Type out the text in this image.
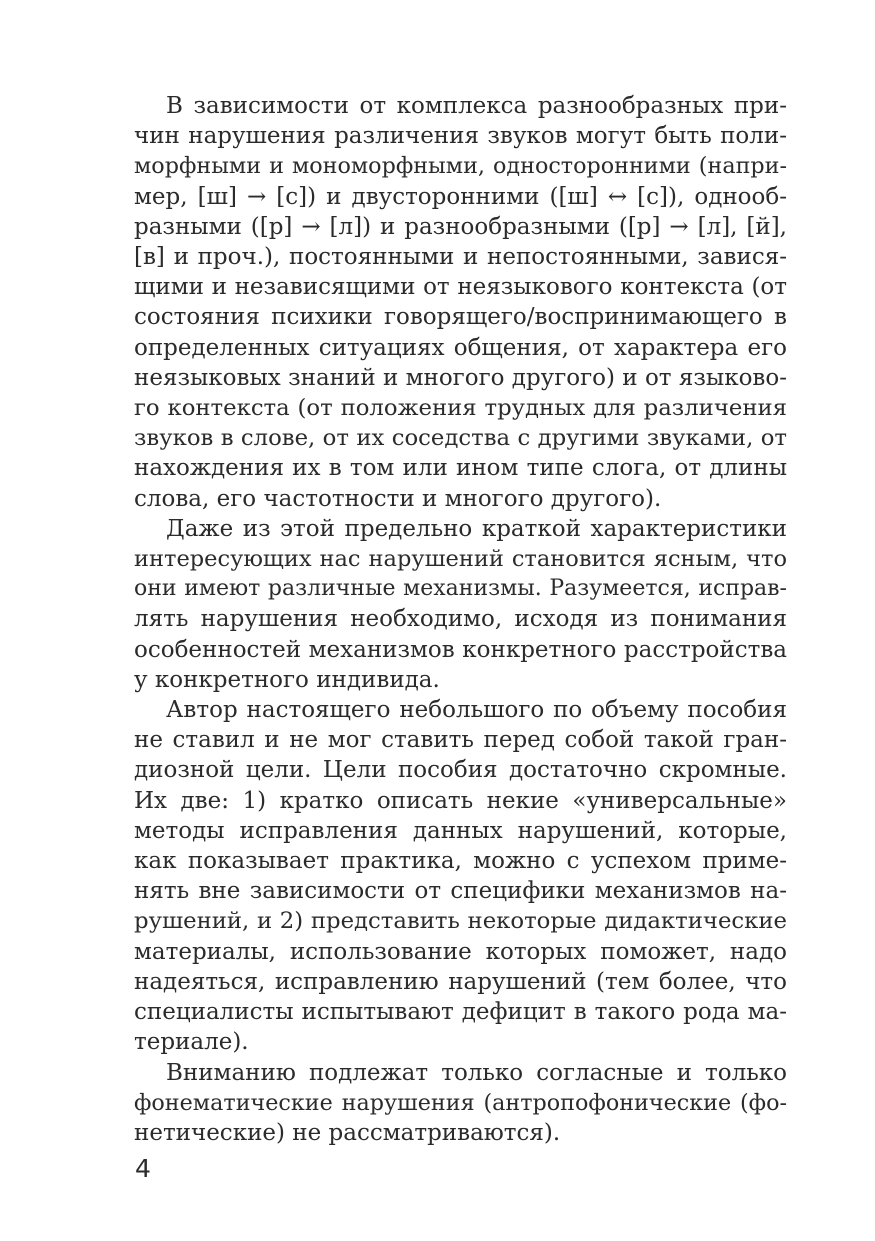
В зависимости от комплекса разнообразных при-
чин нарушения различения звуков могут быть поли-
морфными и мономорфными, односторонними (напри-
мер, [ш] → [с]) и двусторонними ([ш] ↔ [с]), однооб-
разными ([р] → [л]) и разнообразными ([р] → [л], [й],
[в] и проч.), постоянными и непостоянными, завися-
щими и независящими от неязыкового контекста (от
состояния психики говорящего/воспринимающего в
определенных ситуациях общения, от характера его
неязыковых знаний и многого другого) и от языково-
го контекста (от положения трудных для различения
звуков в слове, от их соседства с другими звуками, от
нахождения их в том или ином типе слога, от длины
слова, его частотности и многого другого).
Даже из этой предельно краткой характеристики
интересующих нас нарушений становится ясным, что
они имеют различные механизмы. Разумеется, исправ-
лять нарушения необходимо, исходя из понимания
особенностей механизмов конкретного расстройства
у конкретного индивида.
Автор настоящего небольшого по объему пособия
не ставил и не мог ставить перед собой такой гран-
диозной цели. Цели пособия достаточно скромные.
Их две: 1) кратко описать некие «универсальные»
методы исправления данных нарушений, которые,
как показывает практика, можно с успехом приме-
нять вне зависимости от специфики механизмов на-
рушений, и 2) представить некоторые дидактические
материалы, использование которых поможет, надо
надеяться, исправлению нарушений (тем более, что
специалисты испытывают дефицит в такого рода ма-
териале).
Вниманию подлежат только согласные и только
фонематические нарушения (антропофонические (фо-
нетические) не рассматриваются).
4
